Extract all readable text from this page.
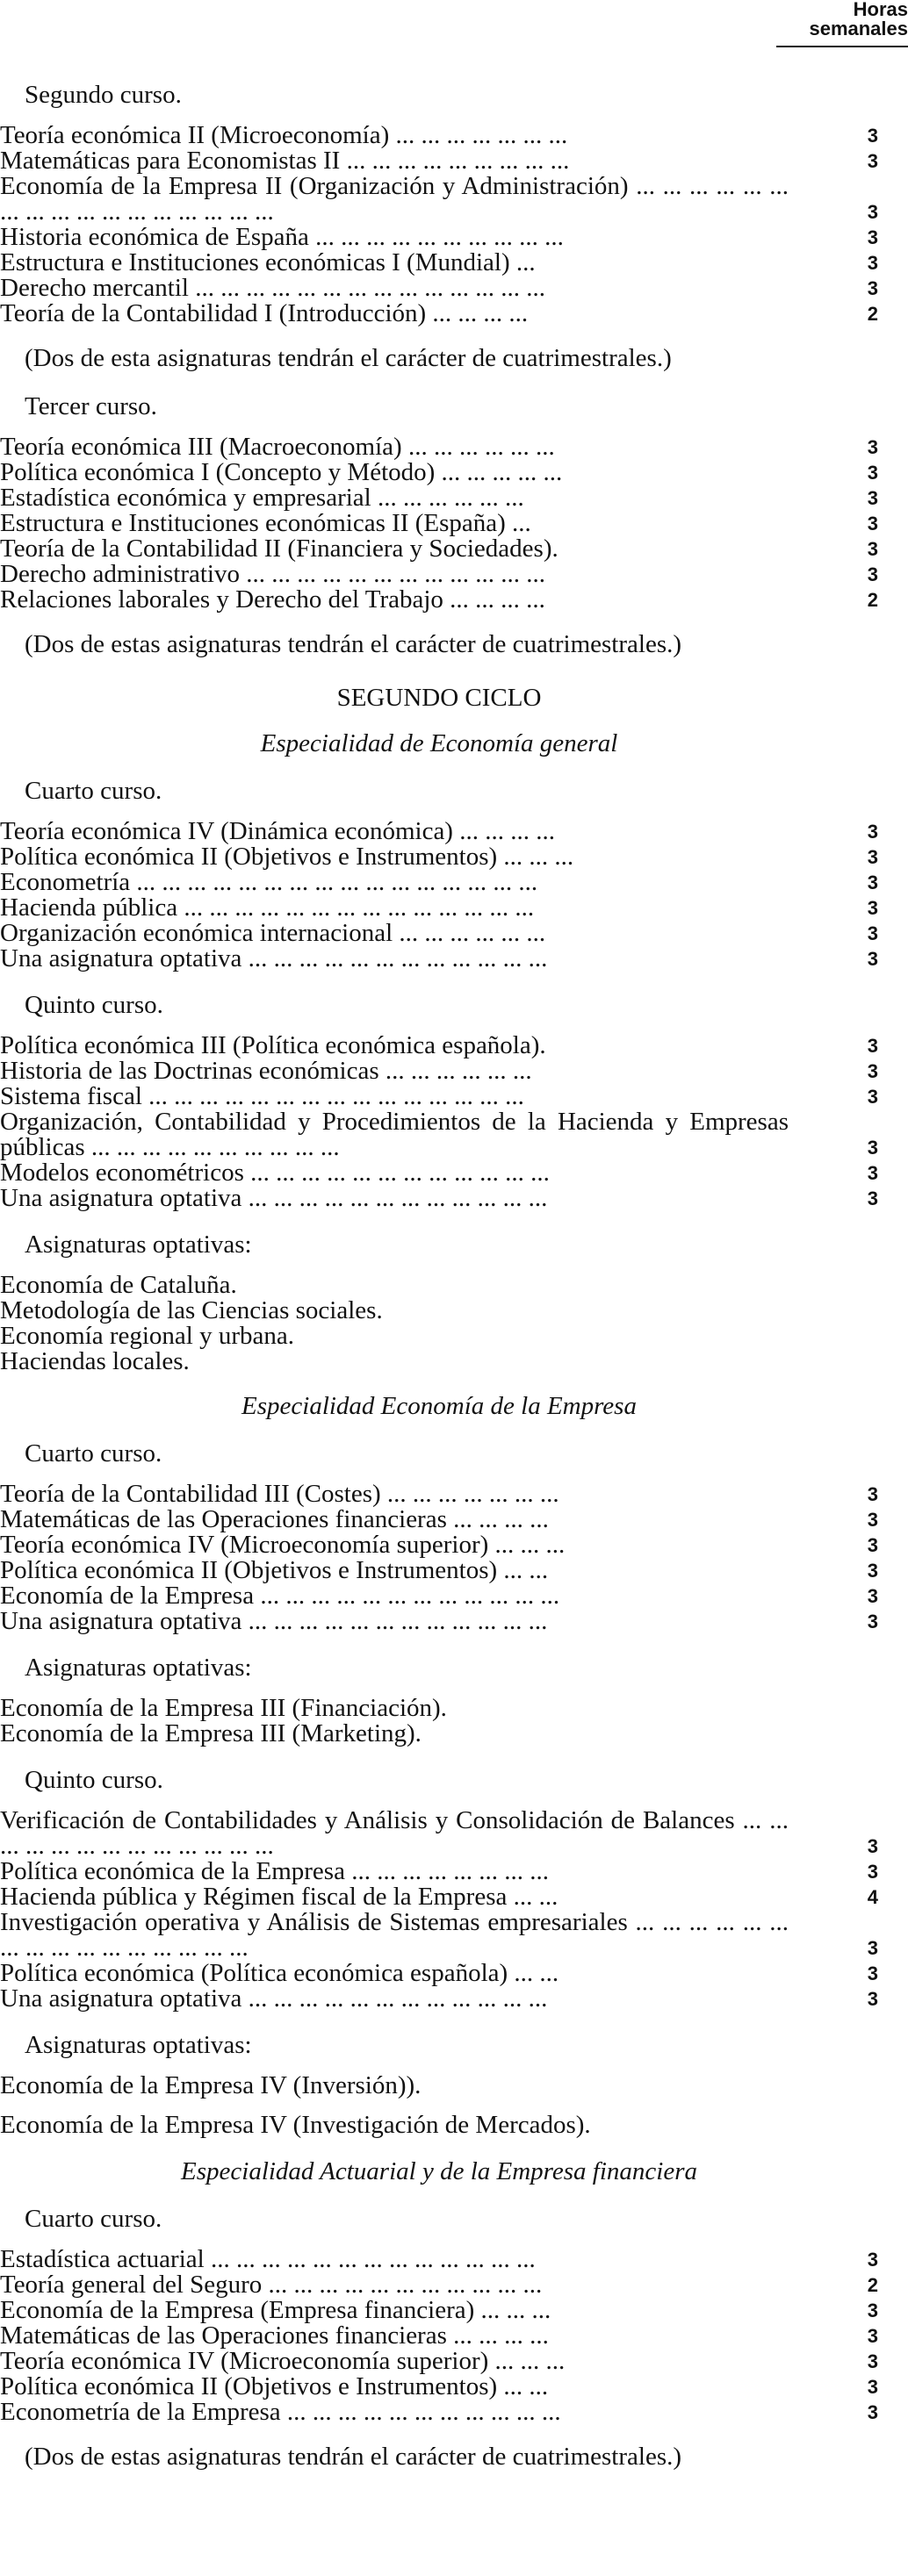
Horas semanales
Segundo curso.
Teoría económica II (Microeconomía) ... ... ... ... ... ... ...	3
Matemáticas para Economistas II ... ... ... ... ... ... ... ... ...	3
Economía de la Empresa II (Organización y Administración) ... ... ... ... ... ... ... ... ... ... ... ... ... ... ... ... ...	3
Historia económica de España ... ... ... ... ... ... ... ... ... ...	3
Estructura e Instituciones económicas I (Mundial) ...	3
Derecho mercantil ... ... ... ... ... ... ... ... ... ... ... ... ... ...	3
Teoría de la Contabilidad I (Introducción) ... ... ... ...	2
(Dos de esta asignaturas tendrán el carácter de cuatrimestrales.)
Tercer curso.
Teoría económica III (Macroeconomía) ... ... ... ... ... ...	3
Política económica I (Concepto y Método) ... ... ... ... ...	3
Estadística económica y empresarial ... ... ... ... ... ...	3
Estructura e Instituciones económicas II (España) ...	3
Teoría de la Contabilidad II (Financiera y Sociedades).	3
Derecho administrativo ... ... ... ... ... ... ... ... ... ... ... ...	3
Relaciones laborales y Derecho del Trabajo ... ... ... ...	2
(Dos de estas asignaturas tendrán el carácter de cuatrimestrales.)
SEGUNDO CICLO
Especialidad de Economía general
Cuarto curso.
Teoría económica IV (Dinámica económica) ... ... ... ...	3
Política económica II (Objetivos e Instrumentos) ... ... ...	3
Econometría ... ... ... ... ... ... ... ... ... ... ... ... ... ... ... ...	3
Hacienda pública ... ... ... ... ... ... ... ... ... ... ... ... ... ...	3
Organización económica internacional ... ... ... ... ... ...	3
Una asignatura optativa ... ... ... ... ... ... ... ... ... ... ... ...	3
Quinto curso.
Política económica III (Política económica española).	3
Historia de las Doctrinas económicas ... ... ... ... ... ...	3
Sistema fiscal ... ... ... ... ... ... ... ... ... ... ... ... ... ... ...	3
Organización, Contabilidad y Procedimientos de la Hacienda y Empresas públicas ... ... ... ... ... ... ... ... ... ...	3
Modelos econométricos ... ... ... ... ... ... ... ... ... ... ... ...	3
Una asignatura optativa ... ... ... ... ... ... ... ... ... ... ... ...	3
Asignaturas optativas:
Economía de Cataluña.
Metodología de las Ciencias sociales.
Economía regional y urbana.
Haciendas locales.
Especialidad Economía de la Empresa
Cuarto curso.
Teoría de la Contabilidad III (Costes) ... ... ... ... ... ... ...	3
Matemáticas de las Operaciones financieras ... ... ... ...	3
Teoría económica IV (Microeconomía superior) ... ... ...	3
Política económica II (Objetivos e Instrumentos) ... ...	3
Economía de la Empresa ... ... ... ... ... ... ... ... ... ... ... ...	3
Una asignatura optativa ... ... ... ... ... ... ... ... ... ... ... ...	3
Asignaturas optativas:
Economía de la Empresa III (Financiación).
Economía de la Empresa III (Marketing).
Quinto curso.
Verificación de Contabilidades y Análisis y Consolidación de Balances ... ... ... ... ... ... ... ... ... ... ... ... ...	3
Política económica de la Empresa ... ... ... ... ... ... ... ...	3
Hacienda pública y Régimen fiscal de la Empresa ... ...	4
Investigación operativa y Análisis de Sistemas empresariales ... ... ... ... ... ... ... ... ... ... ... ... ... ... ... ...	3
Política económica (Política económica española) ... ...	3
Una asignatura optativa ... ... ... ... ... ... ... ... ... ... ... ...	3
Asignaturas optativas:
Economía de la Empresa IV (Inversión)).
Economía de la Empresa IV (Investigación de Mercados).
Especialidad Actuarial y de la Empresa financiera
Cuarto curso.
Estadística actuarial ... ... ... ... ... ... ... ... ... ... ... ... ...	3
Teoría general del Seguro ... ... ... ... ... ... ... ... ... ... ...	2
Economía de la Empresa (Empresa financiera) ... ... ...	3
Matemáticas de las Operaciones financieras ... ... ... ...	3
Teoría económica IV (Microeconomía superior) ... ... ...	3
Política económica II (Objetivos e Instrumentos) ... ...	3
Econometría de la Empresa ... ... ... ... ... ... ... ... ... ... ...	3
(Dos de estas asignaturas tendrán el carácter de cuatrimestrales.)
